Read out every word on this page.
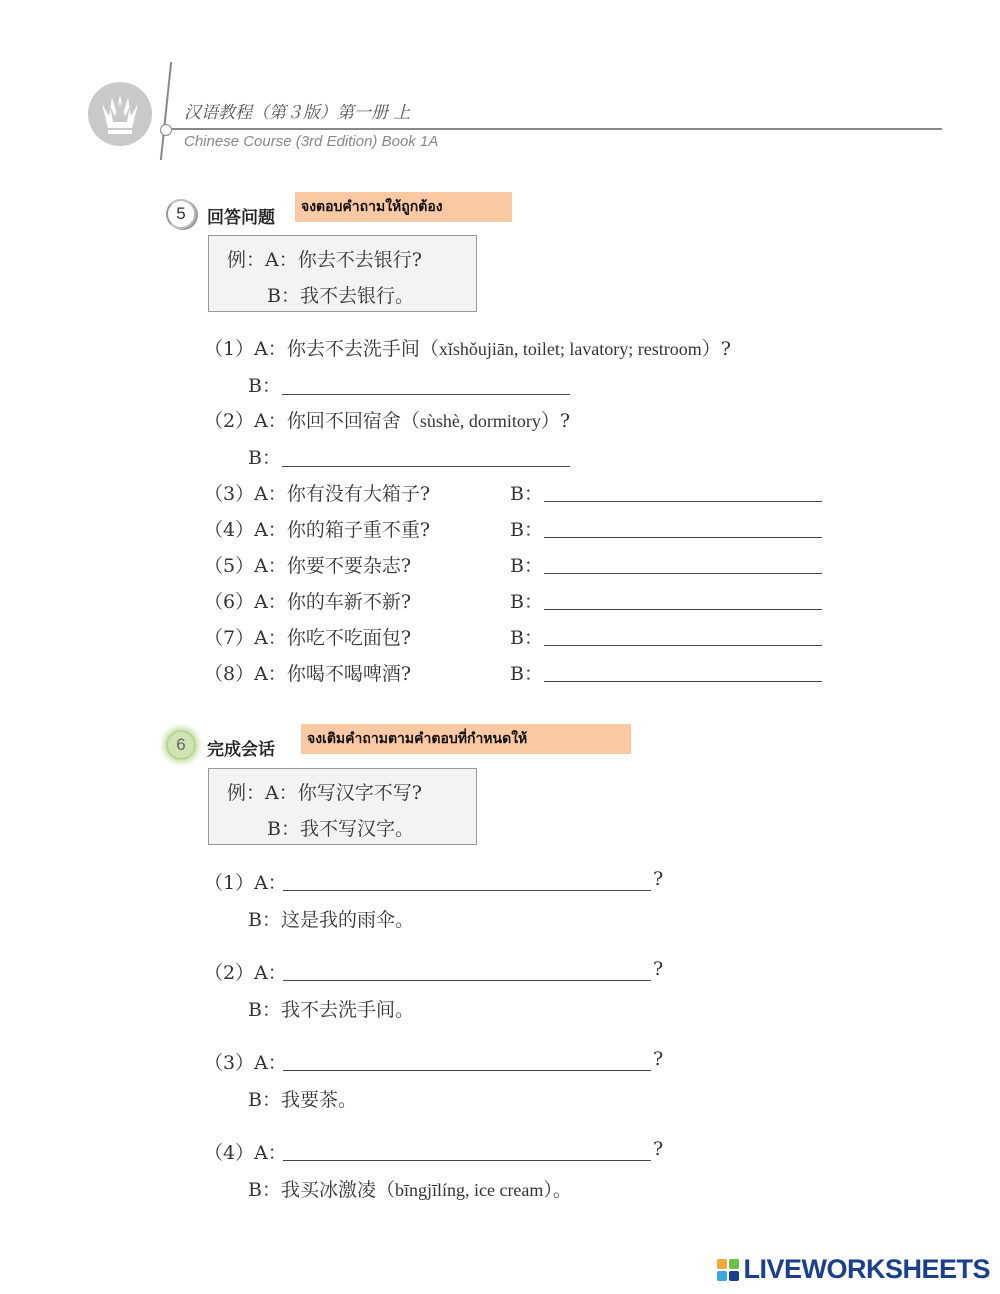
汉语教程（第３版）第一册 上
Chinese Course (3rd Edition) Book 1A
5	回答问题
จงตอบคำถามให้ถูกต้อง
例：A：你去不去银行?
B：我不去银行。
（1）A：你去不去洗手间（xǐshǒujiān, toilet; lavatory; restroom）?
B：
（2）A：你回不回宿舍（sùshè, dormitory）?
B：
（3）A：你有没有大箱子?	B：
（4）A：你的箱子重不重?	B：
（5）A：你要不要杂志?	B：
（6）A：你的车新不新?	B：
（7）A：你吃不吃面包?	B：
（8）A：你喝不喝啤酒?	B：
6	完成会话
จงเติมคำถามตามคำตอบที่กำหนดให้
例：A：你写汉字不写?
B：我不写汉字。
（1）A：	?
B：这是我的雨伞。
（2）A：	?
B：我不去洗手间。
（3）A：	?
B：我要茶。
（4）A：	?
B：我买冰激凌（bīngjīlíng, ice cream）。
LIVEWORKSHEETS
